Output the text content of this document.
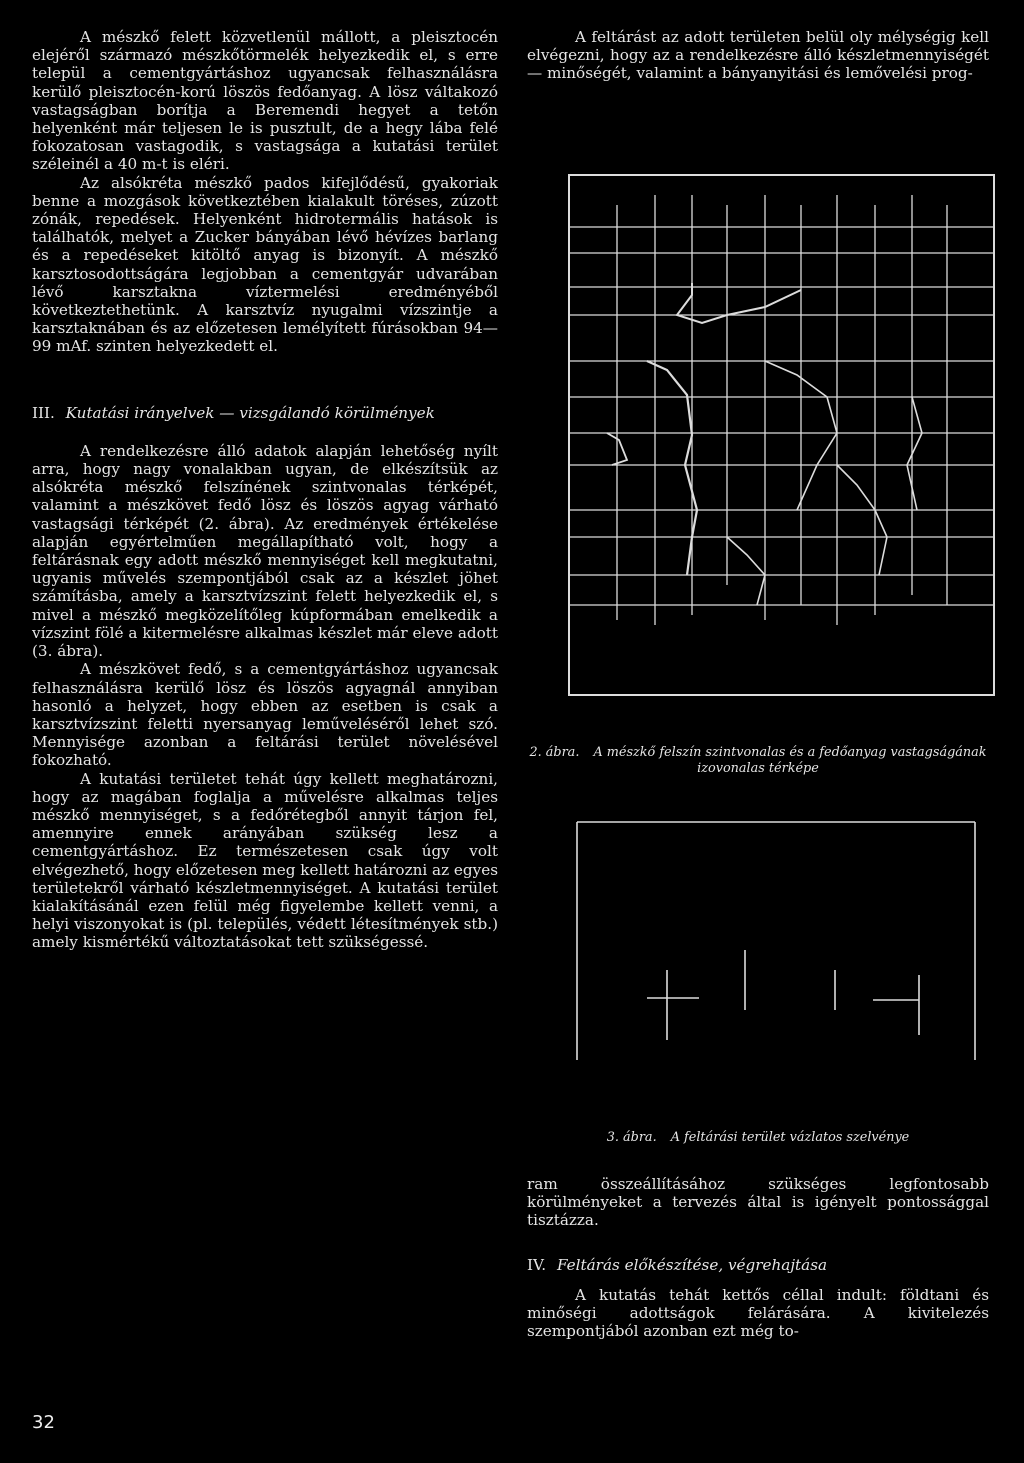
A mészkő felett közvetlenül mállott, a pleisztocén elejéről származó mészkőtörmelék helyezkedik el, s erre települ a cementgyártáshoz ugyancsak felhasználásra kerülő pleisztocén-korú löszös fedőanyag. A lösz váltakozó vastagságban borítja a Beremendi hegyet a tetőn helyenként már teljesen le is pusztult, de a hegy lába felé fokozatosan vastagodik, s vastagsága a kutatási terület széleinél a 40 m-t is eléri.

Az alsókréta mészkő pados kifejlődésű, gyakoriak benne a mozgások következtében kialakult töréses, zúzott zónák, repedések. Helyenként hidrotermális hatások is találhatók, melyet a Zucker bányában lévő hévízes barlang és a repedéseket kitöltő anyag is bizonyít. A mészkő karsztosodottságára legjobban a cementgyár udvarában lévő karsztakna víztermelési eredményéből következtethetünk. A karsztvíz nyugalmi vízszintje a karsztaknában és az előzetesen lemélyített fúrásokban 94—99 mAf. szinten helyezkedett el.

III. Kutatási irányelvek — vizsgálandó körülmények

A rendelkezésre álló adatok alapján lehetőség nyílt arra, hogy nagy vonalakban ugyan, de elkészítsük az alsókréta mészkő felszínének szintvonalas térképét, valamint a mészkövet fedő lösz és löszös agyag várható vastagsági térképét (2. ábra). Az eredmények értékelése alapján egyértelműen megállapítható volt, hogy a feltárásnak egy adott mészkő mennyiséget kell megkutatni, ugyanis művelés szempontjából csak az a készlet jöhet számításba, amely a karsztvízszint felett helyezkedik el, s mivel a mészkő megközelítőleg kúpformában emelkedik a vízszint fölé a kitermelésre alkalmas készlet már eleve adott (3. ábra).

A mészkövet fedő, s a cementgyártáshoz ugyancsak felhasználásra kerülő lösz és löszös agyagnál annyiban hasonló a helyzet, hogy ebben az esetben is csak a karsztvízszint feletti nyersanyag leműveléséről lehet szó. Mennyisége azonban a feltárási terület növelésével fokozható.

A kutatási területet tehát úgy kellett meghatározni, hogy az magában foglalja a művelésre alkalmas teljes mészkő mennyiséget, s a fedőrétegből annyit tárjon fel, amennyire ennek arányában szükség lesz a cementgyártáshoz. Ez természetesen csak úgy volt elvégezhető, hogy előzetesen meg kellett határozni az egyes területekről várható készletmennyiséget. A kutatási terület kialakításánál ezen felül még figyelembe kellett venni, a helyi viszonyokat is (pl. település, védett létesítmények stb.) amely kismértékű változtatásokat tett szükségessé.

A feltárást az adott területen belül oly mélységig kell elvégezni, hogy az a rendelkezésre álló készletmennyiségét — minőségét, valamint a bányanyitási és lemővelési prog-

2. ábra. A mészkő felszín szintvonalas és a fedőanyag vastagságának izovonalas térképe
3. ábra. A feltárási terület vázlatos szelvénye

ram összeállításához szükséges legfontosabb körülményeket a tervezés által is igényelt pontossággal tisztázza.

IV. Feltárás előkészítése, végrehajtása

A kutatás tehát kettős céllal indult: földtani és minőségi adottságok felárására. A kivitelezés szempontjából azonban ezt még to-

32
